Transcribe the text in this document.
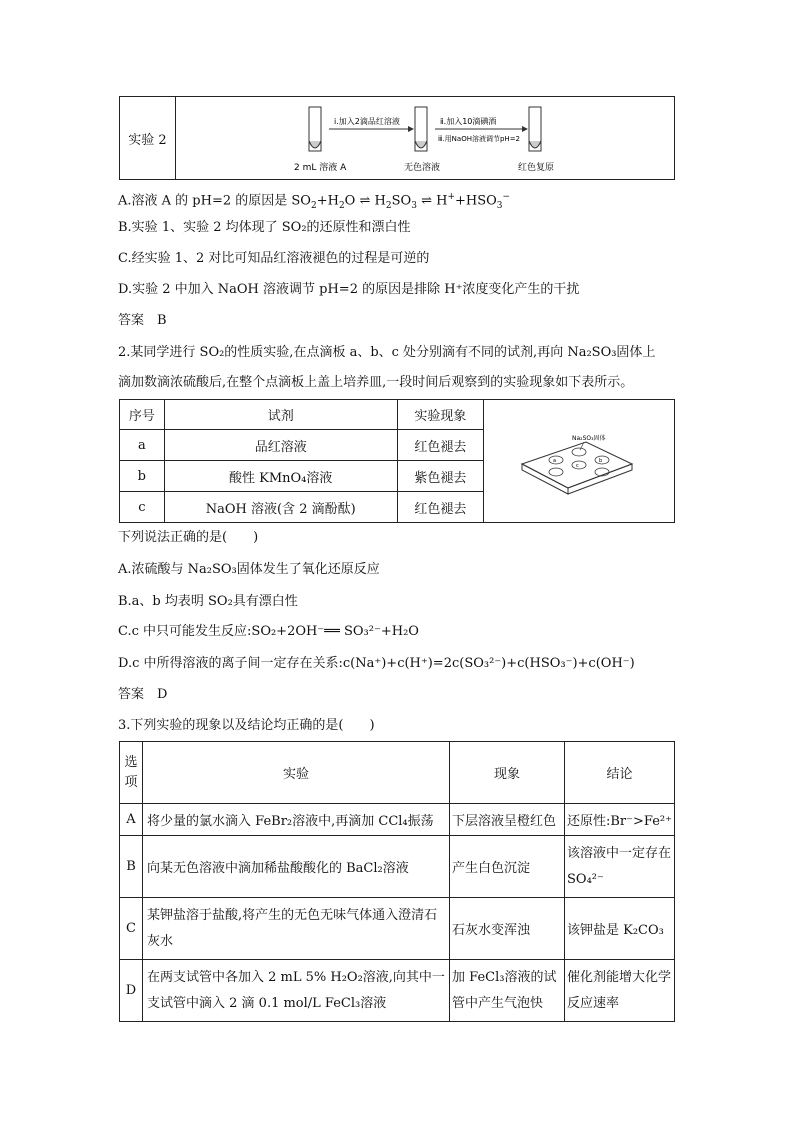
实验 2	
ⅰ.加入2滴品红溶液	ⅱ.加入10滴碘酒
ⅲ.用NaOH溶液调节pH=2
2 mL 溶液 A	无色溶液	红色复原
A.溶液 A 的 pH=2 的原因是 $SO_2+H_2O$ ⇌ $H_2SO_3$ ⇌ $H^++HSO_3^-$
B.实验 1、实验 2 均体现了 SO₂的还原性和漂白性
C.经实验 1、2 对比可知品红溶液褪色的过程是可逆的
D.实验 2 中加入 NaOH 溶液调节 pH=2 的原因是排除 H⁺浓度变化产生的干扰
答案　B
2.某同学进行 SO₂的性质实验,在点滴板 a、b、c 处分别滴有不同的试剂,再向 Na₂SO₃固体上
滴加数滴浓硫酸后,在整个点滴板上盖上培养皿,一段时间后观察到的实验现象如下表所示。
序号	试剂	实验现象	a b
c
Na₂SO₃固体

a	品红溶液	红色褪去	
b	酸性 KMnO₄溶液	紫色褪去	
c	NaOH 溶液(含 2 滴酚酞)	红色褪去	
下列说法正确的是(　　)
A.浓硫酸与 Na₂SO₃固体发生了氧化还原反应
B.a、b 均表明 SO₂具有漂白性
C.c 中只可能发生反应:SO₂+2OH⁻══ SO₃²⁻+H₂O
D.c 中所得溶液的离子间一定存在关系:c(Na⁺)+c(H⁺)=2c(SO₃²⁻)+c(HSO₃⁻)+c(OH⁻)
答案　D
3.下列实验的现象以及结论均正确的是(　　)
选项	实验	现象	结论
A	将少量的氯水滴入 FeBr₂溶液中,再滴加 CCl₄振荡	下层溶液呈橙红色	还原性:Br⁻>Fe²⁺
B	向某无色溶液中滴加稀盐酸酸化的 BaCl₂溶液	产生白色沉淀	该溶液中一定存在 SO₄²⁻
C	某钾盐溶于盐酸,将产生的无色无味气体通入澄清石灰水	石灰水变浑浊	该钾盐是 K₂CO₃
D	在两支试管中各加入 2 mL 5% H₂O₂溶液,向其中一支试管中滴入 2 滴 0.1 mol/L FeCl₃溶液	加 FeCl₃溶液的试管中产生气泡快	催化剂能增大化学反应速率
